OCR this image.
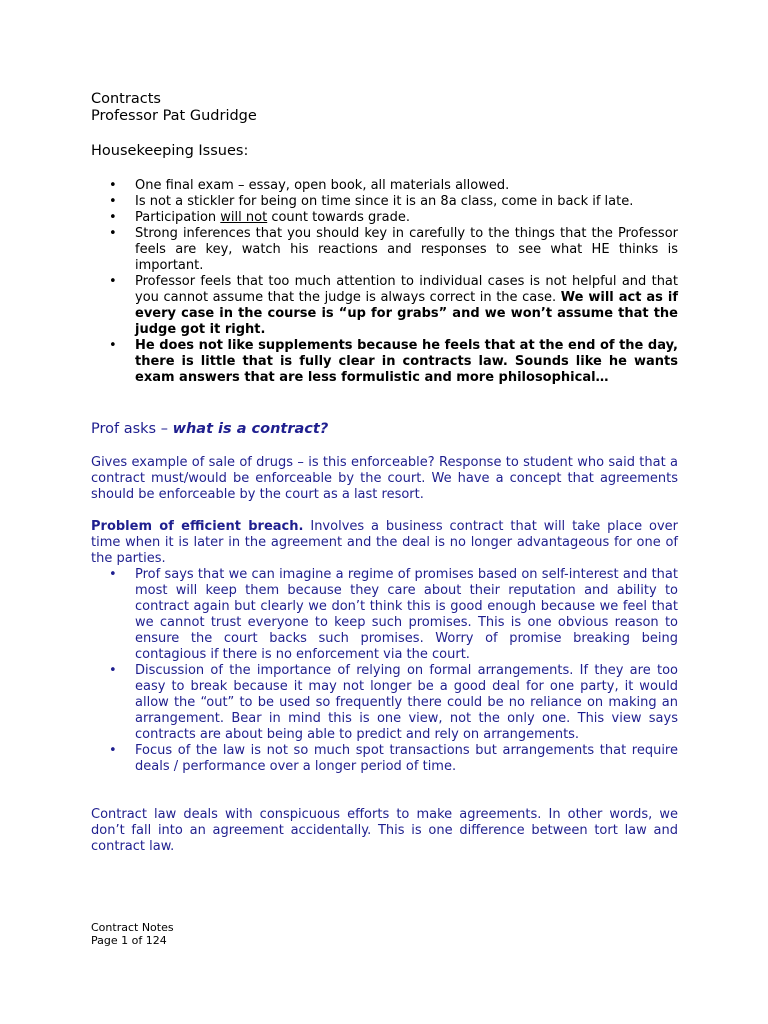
Contracts
Professor Pat Gudridge
Housekeeping Issues:
• One final exam – essay, open book, all materials allowed.
• Is not a stickler for being on time since it is an 8a class, come in back if late.
• Participation will not count towards grade.
• Strong inferences that you should key in carefully to the things that the Professor feels are key, watch his reactions and responses to see what HE thinks is important.
• Professor feels that too much attention to individual cases is not helpful and that you cannot assume that the judge is always correct in the case. We will act as if every case in the course is “up for grabs” and we won’t assume that the judge got it right.
• He does not like supplements because he feels that at the end of the day, there is little that is fully clear in contracts law. Sounds like he wants exam answers that are less formulistic and more philosophical…
Prof asks – what is a contract?

Gives example of sale of drugs – is this enforceable? Response to student who said that a contract must/would be enforceable by the court. We have a concept that agreements should be enforceable by the court as a last resort.

Problem of efficient breach. Involves a business contract that will take place over time when it is later in the agreement and the deal is no longer advantageous for one of the parties.

• Prof says that we can imagine a regime of promises based on self-interest and that most will keep them because they care about their reputation and ability to contract again but clearly we don’t think this is good enough because we feel that we cannot trust everyone to keep such promises. This is one obvious reason to ensure the court backs such promises. Worry of promise breaking being contagious if there is no enforcement via the court.
• Discussion of the importance of relying on formal arrangements. If they are too easy to break because it may not longer be a good deal for one party, it would allow the “out” to be used so frequently there could be no reliance on making an arrangement. Bear in mind this is one view, not the only one. This view says contracts are about being able to predict and rely on arrangements.
• Focus of the law is not so much spot transactions but arrangements that require deals / performance over a longer period of time.

Contract law deals with conspicuous efforts to make agreements. In other words, we don’t fall into an agreement accidentally. This is one difference between tort law and contract law.

Contract Notes
Page 1 of 124
